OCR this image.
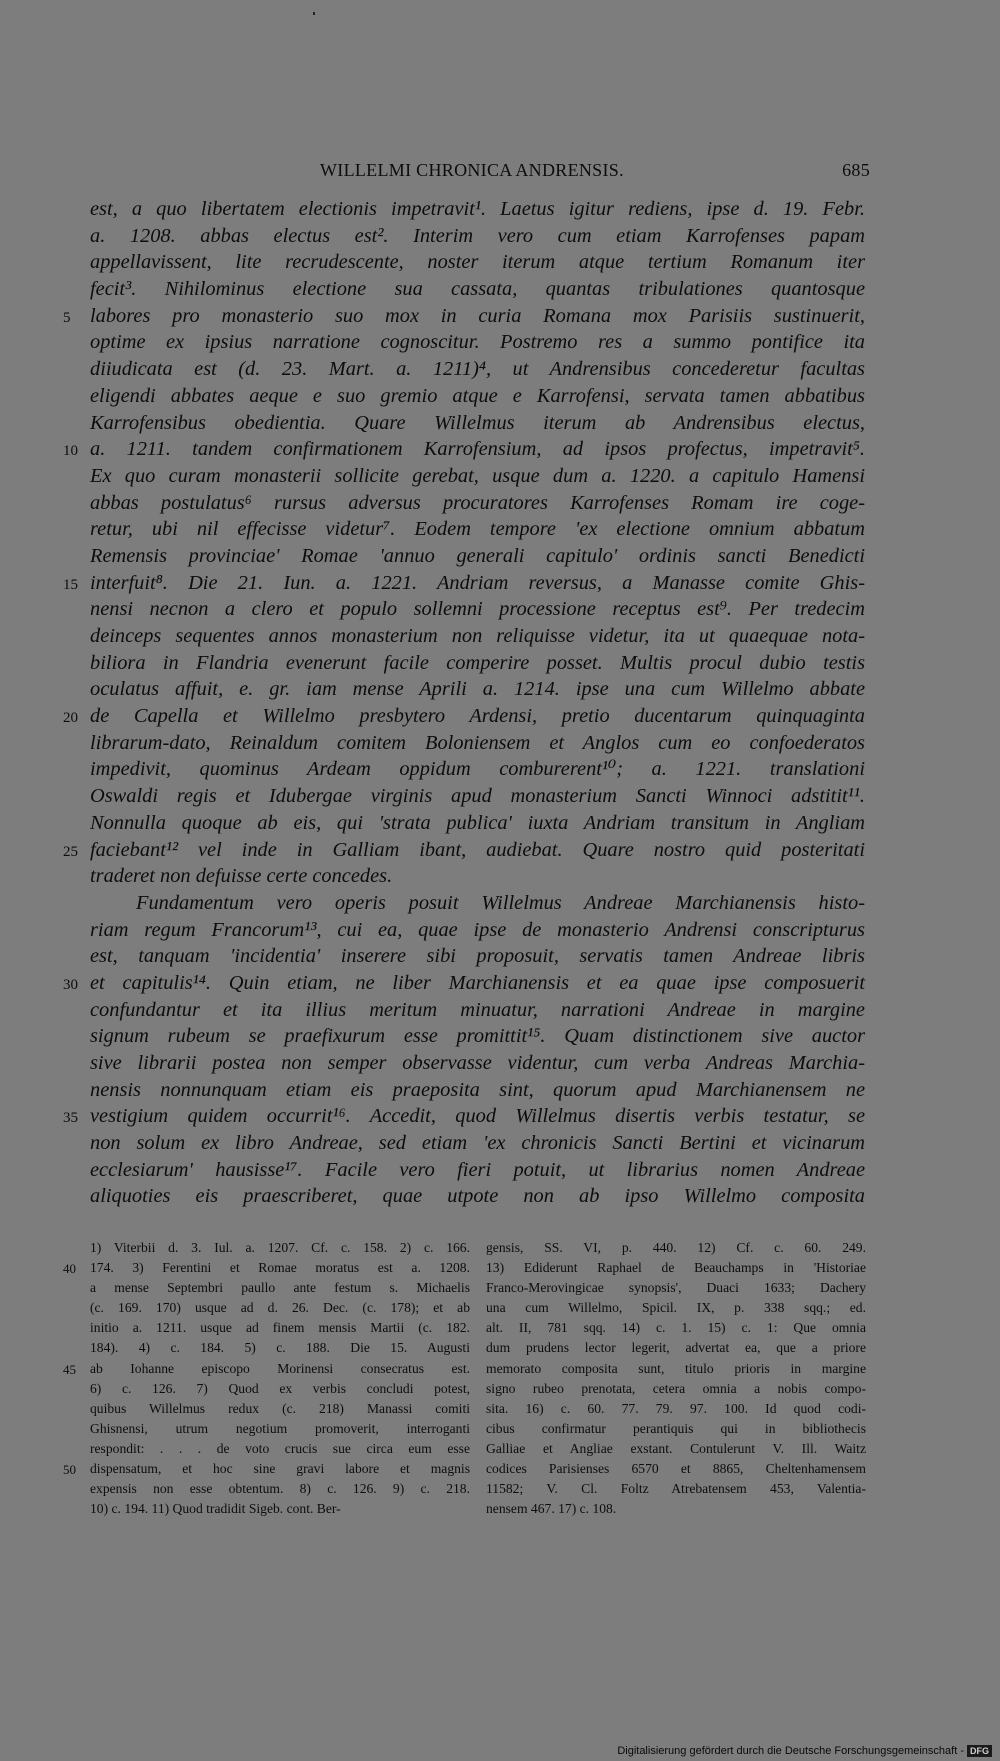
WILLELMI CHRONICA ANDRENSIS.	685
est, a quo libertatem electionis impetravit¹. Laetus igitur rediens, ipse d. 19. Febr.
a. 1208. abbas electus est². Interim vero cum etiam Karrofenses papam
appellavissent, lite recrudescente, noster iterum atque tertium Romanum iter
fecit³. Nihilominus electione sua cassata, quantas tribulationes quantosque
5 labores pro monasterio suo mox in curia Romana mox Parisiis sustinuerit,
optime ex ipsius narratione cognoscitur. Postremo res a summo pontifice ita
diiudicata est (d. 23. Mart. a. 1211)⁴, ut Andrensibus concederetur facultas
eligendi abbates aeque e suo gremio atque e Karrofensi, servata tamen abbatibus
Karrofensibus obedientia. Quare Willelmus iterum ab Andrensibus electus,
10 a. 1211. tandem confirmationem Karrofensium, ad ipsos profectus, impetravit⁵.
Ex quo curam monasterii sollicite gerebat, usque dum a. 1220. a capitulo Hamensi
abbas postulatus⁶ rursus adversus procuratores Karrofenses Romam ire coge-
retur, ubi nil effecisse videtur⁷. Eodem tempore 'ex electione omnium abbatum
Remensis provinciae' Romae 'annuo generali capitulo' ordinis sancti Benedicti
15 interfuit⁸. Die 21. Iun. a. 1221. Andriam reversus, a Manasse comite Ghis-
nensi necnon a clero et populo sollemni processione receptus est⁹. Per tredecim
deinceps sequentes annos monasterium non reliquisse videtur, ita ut quaequae nota-
biliora in Flandria evenerunt facile comperire posset. Multis procul dubio testis
oculatus affuit, e. gr. iam mense Aprili a. 1214. ipse una cum Willelmo abbate
20 de Capella et Willelmo presbytero Ardensi, pretio ducentarum quinquaginta
librarum-dato, Reinaldum comitem Boloniensem et Anglos cum eo confoederatos
impedivit, quominus Ardeam oppidum comburerent¹⁰; a. 1221. translationi
Oswaldi regis et Idubergae virginis apud monasterium Sancti Winnoci adstitit¹¹.
Nonnulla quoque ab eis, qui 'strata publica' iuxta Andriam transitum in Angliam
25 faciebant¹² vel inde in Galliam ibant, audiebat. Quare nostro quid posteritati
traderet non defuisse certe concedes.
Fundamentum vero operis posuit Willelmus Andreae Marchianensis histo-
riam regum Francorum¹³, cui ea, quae ipse de monasterio Andrensi conscripturus
est, tanquam 'incidentia' inserere sibi proposuit, servatis tamen Andreae libris
30 et capitulis¹⁴. Quin etiam, ne liber Marchianensis et ea quae ipse composuerit
confundantur et ita illius meritum minuatur, narrationi Andreae in margine
signum rubeum se praefixurum esse promittit¹⁵. Quam distinctionem sive auctor
sive librarii postea non semper observasse videntur, cum verba Andreas Marchia-
nensis nonnunquam etiam eis praeposita sint, quorum apud Marchianensem ne
35 vestigium quidem occurrit¹⁶. Accedit, quod Willelmus disertis verbis testatur, se
non solum ex libro Andreae, sed etiam 'ex chronicis Sancti Bertini et vicinarum
ecclesiarum' hausisse¹⁷. Facile vero fieri potuit, ut librarius nomen Andreae
aliquoties eis praescriberet, quae utpote non ab ipso Willelmo composita
1) Viterbii d. 3. Iul. a. 1207. Cf. c. 158. 2) c. 166.
40 174. 3) Ferentini et Romae moratus est a. 1208.
a mense Septembri paullo ante festum s. Michaelis
(c. 169. 170) usque ad d. 26. Dec. (c. 178); et ab
initio a. 1211. usque ad finem mensis Martii (c. 182.
184). 4) c. 184. 5) c. 188. Die 15. Augusti
45 ab Iohanne episcopo Morinensi consecratus est.
6) c. 126. 7) Quod ex verbis concludi potest,
quibus Willelmus redux (c. 218) Manassi comiti
Ghisnensi, utrum negotium promoverit, interroganti
respondit: . . . de voto crucis sue circa eum esse
50 dispensatum, et hoc sine gravi labore et magnis
expensis non esse obtentum. 8) c. 126. 9) c. 218.
10) c. 194. 11) Quod tradidit Sigeb. cont. Ber-
gensis, SS. VI, p. 440. 12) Cf. c. 60. 249.
13) Ediderunt Raphael de Beauchamps in 'Historiae
Franco-Merovingicae synopsis', Duaci 1633; Dachery
una cum Willelmo, Spicil. IX, p. 338 sqq.; ed.
alt. II, 781 sqq. 14) c. 1. 15) c. 1: Que omnia
dum prudens lector legerit, advertat ea, que a priore
memorato composita sunt, titulo prioris in margine
signo rubeo prenotata, cetera omnia a nobis compo-
sita. 16) c. 60. 77. 79. 97. 100. Id quod codi-
cibus confirmatur perantiquis qui in bibliothecis
Galliae et Angliae exstant. Contulerunt V. Ill. Waitz
codices Parisienses 6570 et 8865, Cheltenhamensem
11582; V. Cl. Foltz Atrebatensem 453, Valentia-
nensem 467. 17) c. 108.
Digitalisierung gefördert durch die Deutsche Forschungsgemeinschaft - DFG
